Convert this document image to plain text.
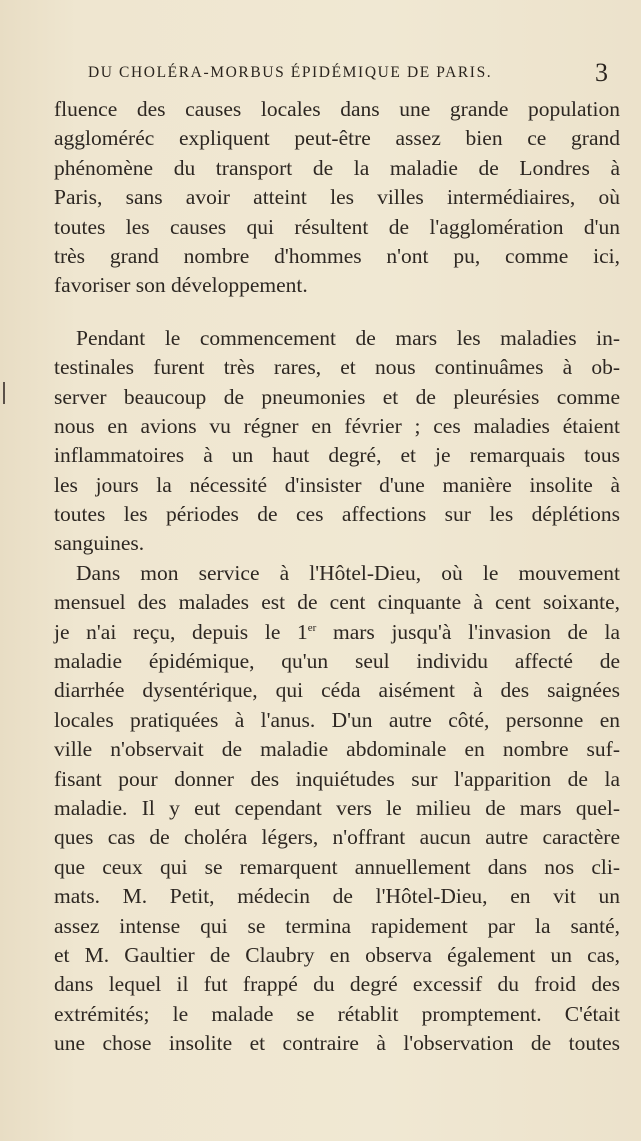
DU CHOLÉRA-MORBUS ÉPIDÉMIQUE DE PARIS.	3
fluence des causes locales dans une grande population
aggloméréc expliquent peut-être assez bien ce grand
phénomène du transport de la maladie de Londres à
Paris, sans avoir atteint les villes intermédiaires, où
toutes les causes qui résultent de l'agglomération d'un
très grand nombre d'hommes n'ont pu, comme ici,
favoriser son développement.
Pendant le commencement de mars les maladies in-
testinales furent très rares, et nous continuâmes à ob-
server beaucoup de pneumonies et de pleurésies comme
nous en avions vu régner en février ; ces maladies étaient
inflammatoires à un haut degré, et je remarquais tous
les jours la nécessité d'insister d'une manière insolite à
toutes les périodes de ces affections sur les déplétions
sanguines.
Dans mon service à l'Hôtel-Dieu, où le mouvement
mensuel des malades est de cent cinquante à cent soixante,
je n'ai reçu, depuis le 1er mars jusqu'à l'invasion de la
maladie épidémique, qu'un seul individu affecté de
diarrhée dysentérique, qui céda aisément à des saignées
locales pratiquées à l'anus. D'un autre côté, personne en
ville n'observait de maladie abdominale en nombre suf-
fisant pour donner des inquiétudes sur l'apparition de la
maladie. Il y eut cependant vers le milieu de mars quel-
ques cas de choléra légers, n'offrant aucun autre caractère
que ceux qui se remarquent annuellement dans nos cli-
mats. M. Petit, médecin de l'Hôtel-Dieu, en vit un
assez intense qui se termina rapidement par la santé,
et M. Gaultier de Claubry en observa également un cas,
dans lequel il fut frappé du degré excessif du froid des
extrémités; le malade se rétablit promptement. C'était
une chose insolite et contraire à l'observation de toutes
